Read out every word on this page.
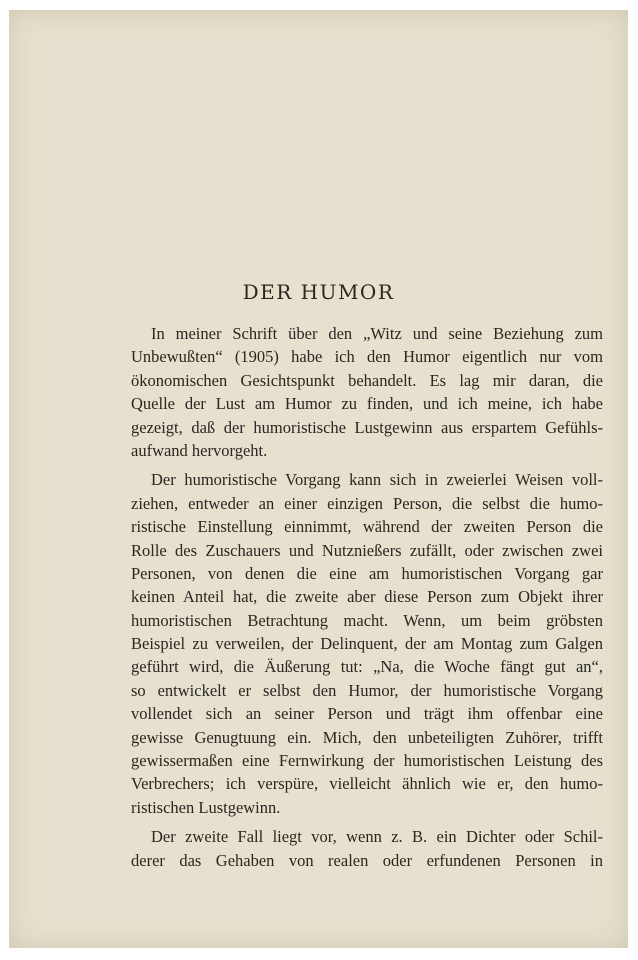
DER HUMOR
In meiner Schrift über den „Witz und seine Beziehung zum
Unbewußten“ (1905) habe ich den Humor eigentlich nur vom
ökonomischen Gesichtspunkt behandelt. Es lag mir daran, die
Quelle der Lust am Humor zu finden, und ich meine, ich habe
gezeigt, daß der humoristische Lustgewinn aus erspartem Gefühls-
aufwand hervorgeht.
Der humoristische Vorgang kann sich in zweierlei Weisen voll-
ziehen, entweder an einer einzigen Person, die selbst die humo-
ristische Einstellung einnimmt, während der zweiten Person die
Rolle des Zuschauers und Nutznießers zufällt, oder zwischen zwei
Personen, von denen die eine am humoristischen Vorgang gar
keinen Anteil hat, die zweite aber diese Person zum Objekt ihrer
humoristischen Betrachtung macht. Wenn, um beim gröbsten
Beispiel zu verweilen, der Delinquent, der am Montag zum Galgen
geführt wird, die Äußerung tut: „Na, die Woche fängt gut an“,
so entwickelt er selbst den Humor, der humoristische Vorgang
vollendet sich an seiner Person und trägt ihm offenbar eine
gewisse Genugtuung ein. Mich, den unbeteiligten Zuhörer, trifft
gewissermaßen eine Fernwirkung der humoristischen Leistung des
Verbrechers; ich verspüre, vielleicht ähnlich wie er, den humo-
ristischen Lustgewinn.
Der zweite Fall liegt vor, wenn z. B. ein Dichter oder Schil-
derer das Gehaben von realen oder erfundenen Personen in
